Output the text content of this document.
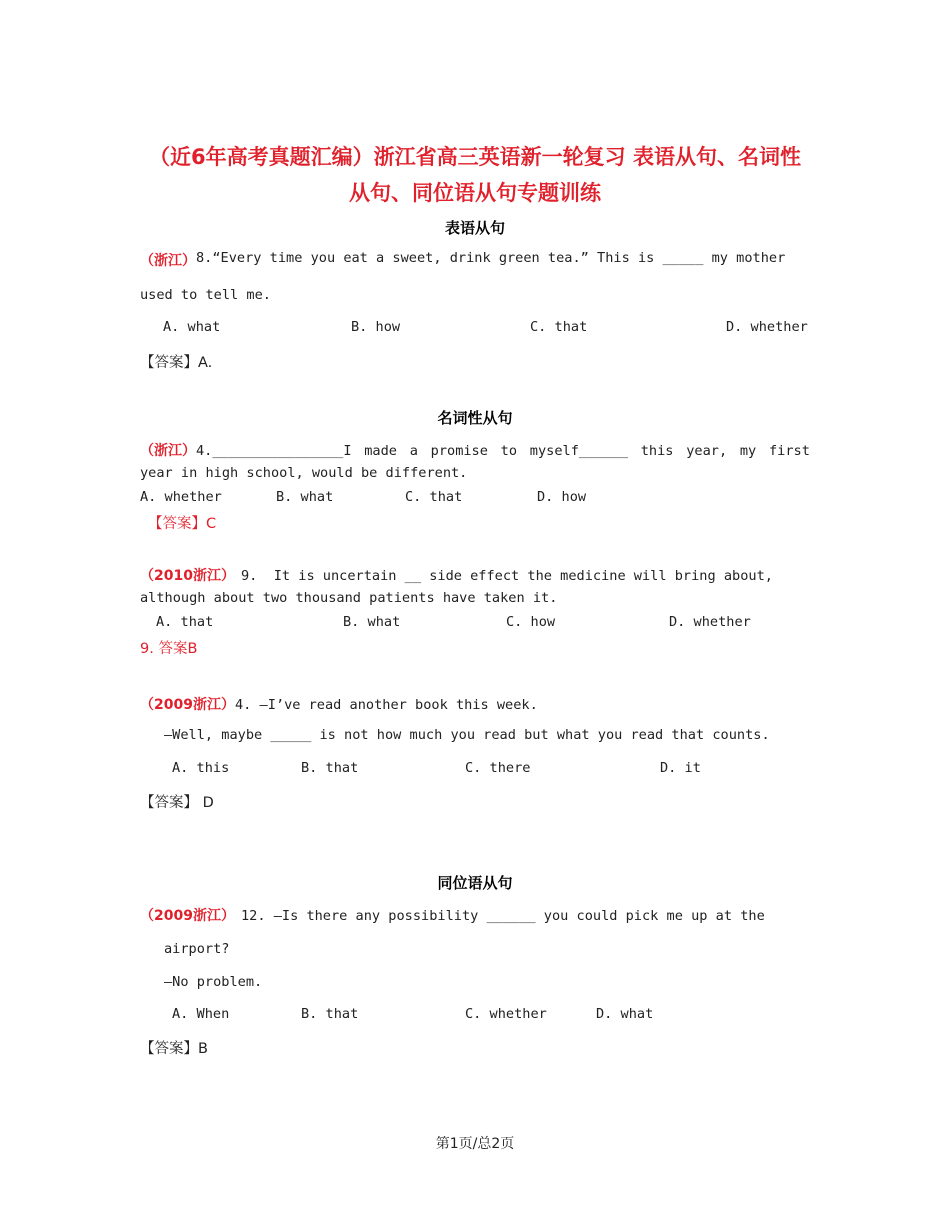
（近6年高考真题汇编）浙江省高三英语新一轮复习 表语从句、名词性
从句、同位语从句专题训练
表语从句
（浙江） 8.“Every time you eat a sweet, drink green tea.” This is _____ my mother
used to tell me.
A. what	B. how	C. that	D. whether
【答案】A.
名词性从句
（浙江） 4.________________I made a promise to myself______ this year, my first
year in high school, would be different.
A. whether	B. what	C. that	D. how
【答案】C
（2010浙江） 9.  It is uncertain __ side effect the medicine will bring about,
although about two thousand patients have taken it.
A. that	B. what	C. how	D. whether
9. 答案B
（2009浙江） 4. —I’ve read another book this week.
—Well, maybe _____ is not how much you read but what you read that counts.
A. this	B. that	C. there	D. it
【答案】 D
同位语从句
（2009浙江） 12. —Is there any possibility ______ you could pick me up at the
airport?
—No problem.
A. When	B. that	C. whether	D. what
【答案】B
第1页/总2页
